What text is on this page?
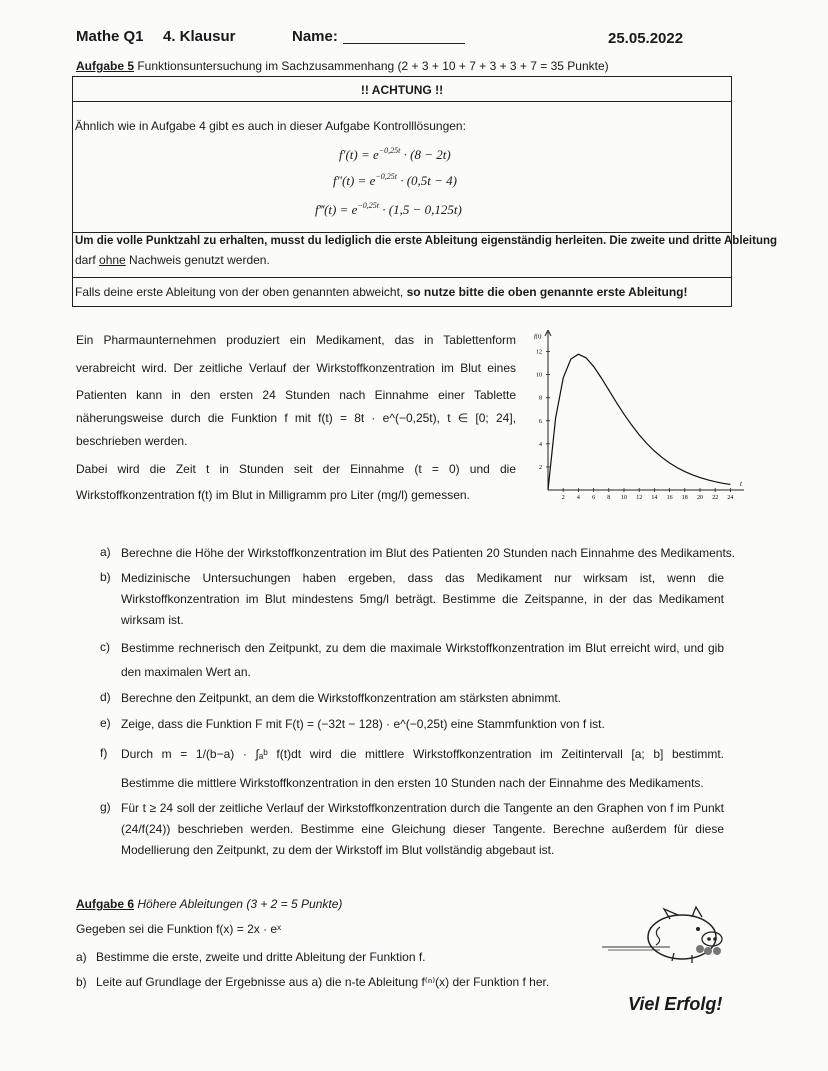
Mathe Q1 4. Klausur	Name:	25.05.2022
Aufgabe 5 Funktionsuntersuchung im Sachzusammenhang (2 + 3 + 10 + 7 + 3 + 3 + 7 = 35 Punkte)
!! ACHTUNG !!
Ähnlich wie in Aufgabe 4 gibt es auch in dieser Aufgabe Kontrolllösungen:
$f'(t) = e^{-0,25t} \cdot (8 - 2t)$
$f''(t) = e^{-0,25t} \cdot (0,5t - 4)$
f‴(t) = $e^{-0,25t} \cdot (1,5 - 0,125t)$
Um die volle Punktzahl zu erhalten, musst du lediglich die erste Ableitung eigenständig herleiten. Die zweite und dritte Ableitung
darf ohne Nachweis genutzt werden.
Falls deine erste Ableitung von der oben genannten abweicht, so nutze bitte die oben genannte erste Ableitung!
Ein Pharmaunternehmen produziert ein Medikament, das in Tablettenform
verabreicht wird. Der zeitliche Verlauf der Wirkstoffkonzentration im Blut eines
Patienten kann in den ersten 24 Stunden nach Einnahme einer Tablette
näherungsweise durch die Funktion f mit f(t) = 8t · e^(−0,25t), t ∈ [0; 24],
beschrieben werden.
Dabei wird die Zeit t in Stunden seit der Einnahme (t = 0) und die
Wirkstoffkonzentration f(t) im Blut in Milligramm pro Liter (mg/l) gemessen.
f(t)
t
2 4 6 8 10 12 14 16 18 20 22 24
2
4
6
8
10
12
a) Berechne die Höhe der Wirkstoffkonzentration im Blut des Patienten 20 Stunden nach Einnahme des Medikaments.
b) Medizinische Untersuchungen haben ergeben, dass das Medikament nur wirksam ist, wenn die
Wirkstoffkonzentration im Blut mindestens 5mg/l beträgt. Bestimme die Zeitspanne, in der das Medikament
wirksam ist.
c) Bestimme rechnerisch den Zeitpunkt, zu dem die maximale Wirkstoffkonzentration im Blut erreicht wird, und gib
den maximalen Wert an.
d) Berechne den Zeitpunkt, an dem die Wirkstoffkonzentration am stärksten abnimmt.
e) Zeige, dass die Funktion F mit F(t) = (−32t − 128) · e^(−0,25t) eine Stammfunktion von f ist.
f) Durch m = 1/(b−a) · ∫ₐᵇ f(t)dt wird die mittlere Wirkstoffkonzentration im Zeitintervall [a; b] bestimmt.
Bestimme die mittlere Wirkstoffkonzentration in den ersten 10 Stunden nach der Einnahme des Medikaments.
g) Für t ≥ 24 soll der zeitliche Verlauf der Wirkstoffkonzentration durch die Tangente an den Graphen von f im Punkt
(24/f(24)) beschrieben werden. Bestimme eine Gleichung dieser Tangente. Berechne außerdem für diese
Modellierung den Zeitpunkt, zu dem der Wirkstoff im Blut vollständig abgebaut ist.
Aufgabe 6 Höhere Ableitungen (3 + 2 = 5 Punkte)
Gegeben sei die Funktion f(x) = 2x · eˣ
a) Bestimme die erste, zweite und dritte Ableitung der Funktion f.
b) Leite auf Grundlage der Ergebnisse aus a) die n-te Ableitung f⁽ⁿ⁾(x) der Funktion f her.
Viel Erfolg!
